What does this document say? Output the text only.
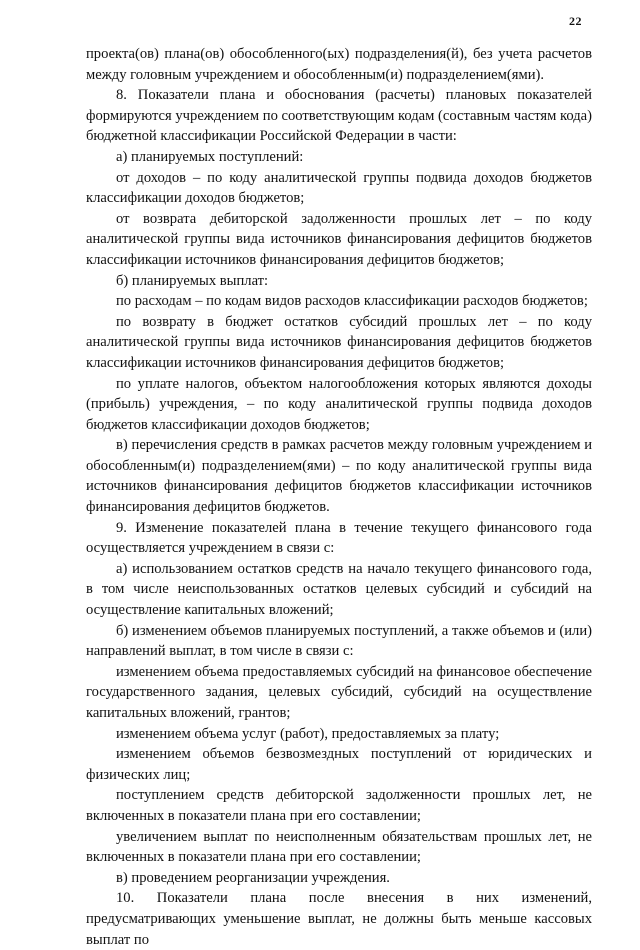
22

проекта(ов) плана(ов) обособленного(ых) подразделения(й), без учета расчетов между головным учреждением и обособленным(и) подразделением(ями).

8. Показатели плана и обоснования (расчеты) плановых показателей формируются учреждением по соответствующим кодам (составным частям кода) бюджетной классификации Российской Федерации в части:

а) планируемых поступлений:

от доходов – по коду аналитической группы подвида доходов бюджетов классификации доходов бюджетов;

от возврата дебиторской задолженности прошлых лет – по коду аналитической группы вида источников финансирования дефицитов бюджетов классификации источников финансирования дефицитов бюджетов;

б) планируемых выплат:

по расходам – по кодам видов расходов классификации расходов бюджетов;

по возврату в бюджет остатков субсидий прошлых лет – по коду аналитической группы вида источников финансирования дефицитов бюджетов классификации источников финансирования дефицитов бюджетов;

по уплате налогов, объектом налогообложения которых являются доходы (прибыль) учреждения, – по коду аналитической группы подвида доходов бюджетов классификации доходов бюджетов;

в) перечисления средств в рамках расчетов между головным учреждением и обособленным(и) подразделением(ями) – по коду аналитической группы вида источников финансирования дефицитов бюджетов классификации источников финансирования дефицитов бюджетов.

9. Изменение показателей плана в течение текущего финансового года осуществляется учреждением в связи с:

а) использованием остатков средств на начало текущего финансового года, в том числе неиспользованных остатков целевых субсидий и субсидий на осуществление капитальных вложений;

б) изменением объемов планируемых поступлений, а также объемов и (или) направлений выплат, в том числе в связи с:

изменением объема предоставляемых субсидий на финансовое обеспечение государственного задания, целевых субсидий, субсидий на осуществление капитальных вложений, грантов;

изменением объема услуг (работ), предоставляемых за плату;

изменением объемов безвозмездных поступлений от юридических и физических лиц;

поступлением средств дебиторской задолженности прошлых лет, не включенных в показатели плана при его составлении;

увеличением выплат по неисполненным обязательствам прошлых лет, не включенных в показатели плана при его составлении;

в) проведением реорганизации учреждения.

10. Показатели плана после внесения в них изменений, предусматривающих уменьшение выплат, не должны быть меньше кассовых выплат по
